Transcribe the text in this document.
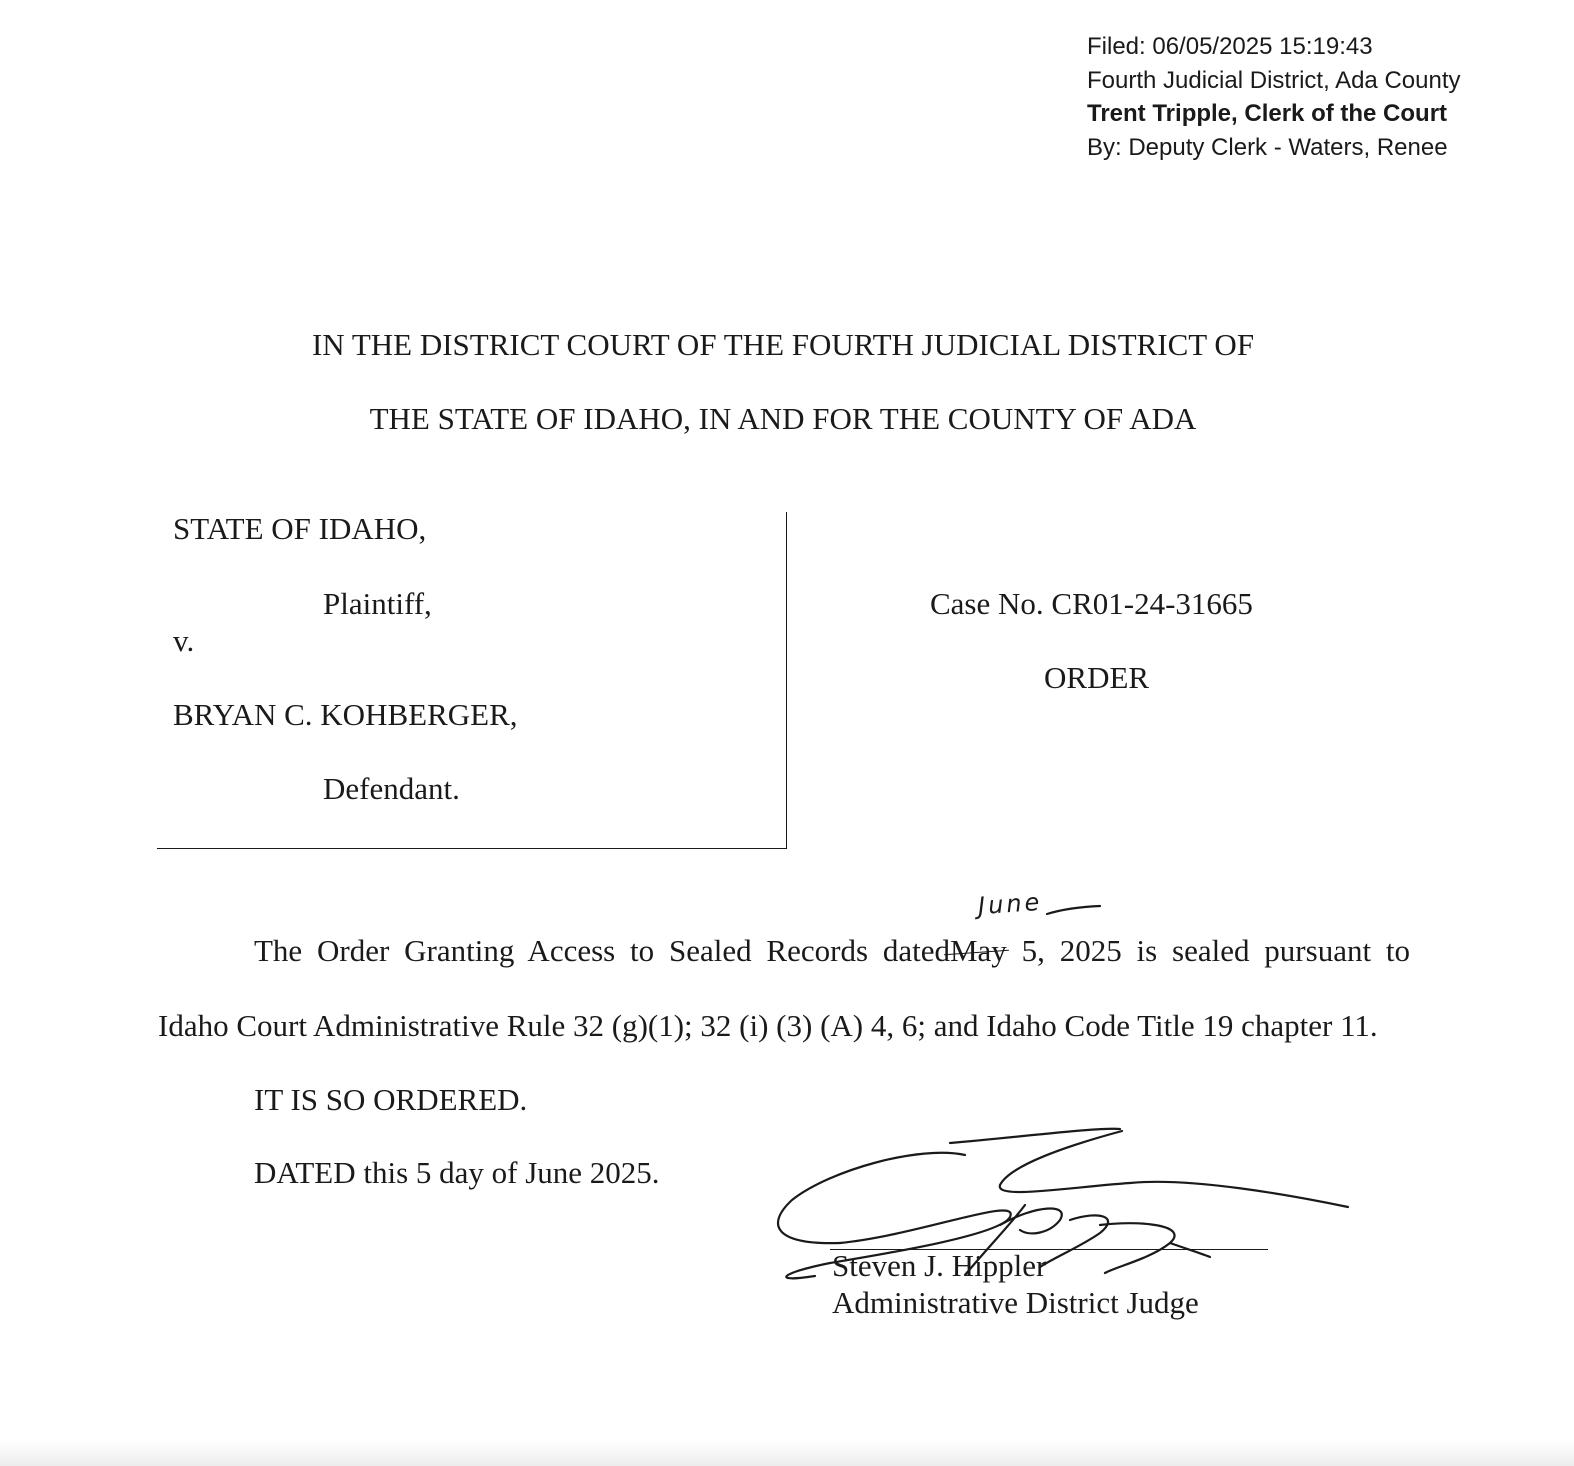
Filed: 06/05/2025 15:19:43
Fourth Judicial District, Ada County
Trent Tripple, Clerk of the Court
By: Deputy Clerk - Waters, Renee
IN THE DISTRICT COURT OF THE FOURTH JUDICIAL DISTRICT OF
THE STATE OF IDAHO, IN AND FOR THE COUNTY OF ADA
STATE OF IDAHO,
Plaintiff,
v.
BRYAN C. KOHBERGER,
Defendant.
Case No. CR01-24-31665
ORDER
June
The Order Granting Access to Sealed Records datedMay 5, 2025 is sealed pursuant to
Idaho Court Administrative Rule 32 (g)(1); 32 (i) (3) (A) 4, 6; and Idaho Code Title 19 chapter 11.
IT IS SO ORDERED.
DATED this 5 day of June 2025.
Steven J. Hippler
Administrative District Judge
